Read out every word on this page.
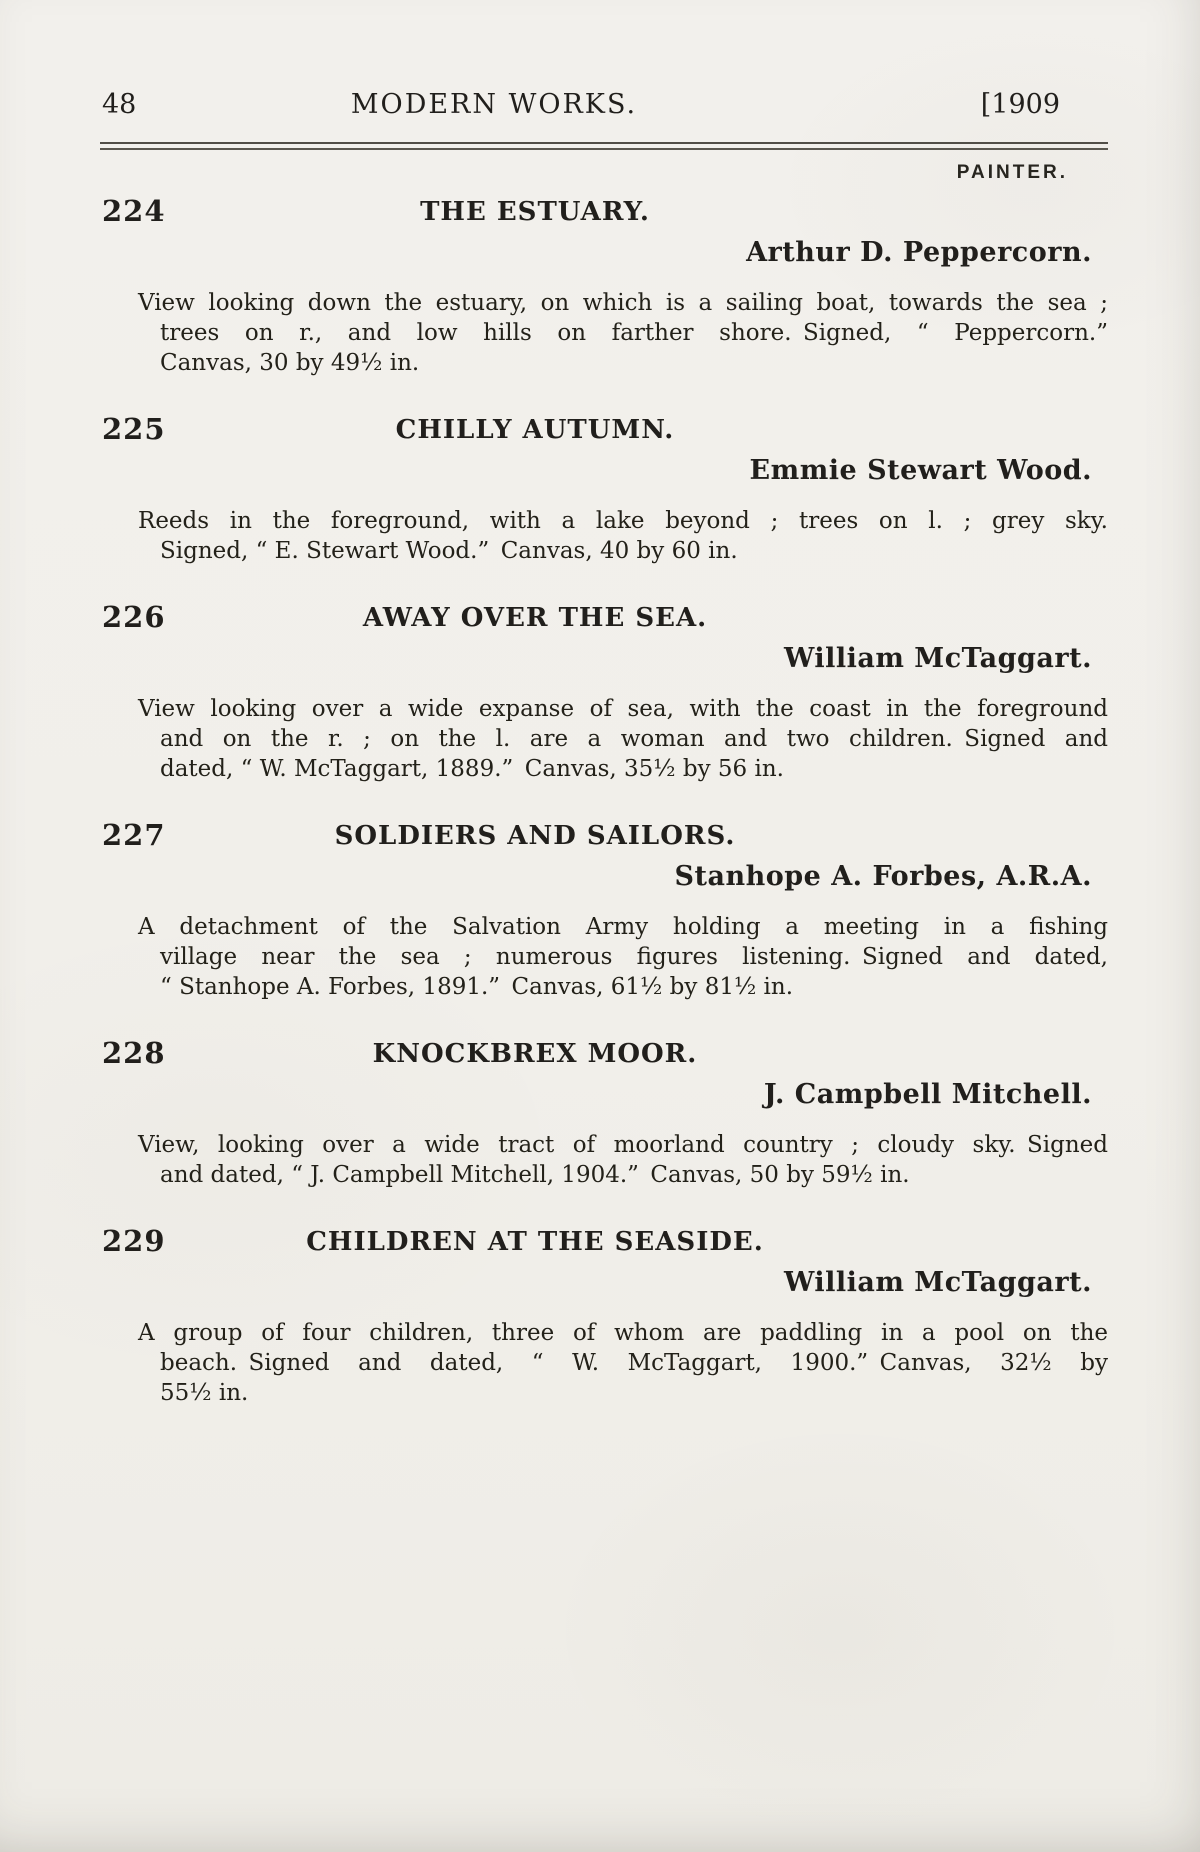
48	MODERN WORKS.	[1909
PAINTER.
224	THE ESTUARY.
Arthur D. Peppercorn.
View looking down the estuary, on which is a sailing boat, towards the sea ;
trees on r., and low hills on farther shore. Signed, “ Peppercorn.”
Canvas, 30 by 49½ in.
225	CHILLY AUTUMN.
Emmie Stewart Wood.
Reeds in the foreground, with a lake beyond ; trees on l. ; grey sky.
Signed, “ E. Stewart Wood.” Canvas, 40 by 60 in.
226	AWAY OVER THE SEA.
William McTaggart.
View looking over a wide expanse of sea, with the coast in the foreground
and on the r. ; on the l. are a woman and two children. Signed and
dated, “ W. McTaggart, 1889.” Canvas, 35½ by 56 in.
227	SOLDIERS AND SAILORS.
Stanhope A. Forbes, A.R.A.
A detachment of the Salvation Army holding a meeting in a fishing
village near the sea ; numerous figures listening. Signed and dated,
“ Stanhope A. Forbes, 1891.” Canvas, 61½ by 81½ in.
228	KNOCKBREX MOOR.
J. Campbell Mitchell.
View, looking over a wide tract of moorland country ; cloudy sky. Signed
and dated, “ J. Campbell Mitchell, 1904.” Canvas, 50 by 59½ in.
229	CHILDREN AT THE SEASIDE.
William McTaggart.
A group of four children, three of whom are paddling in a pool on the
beach. Signed and dated, “ W. McTaggart, 1900.” Canvas, 32½ by
55½ in.
